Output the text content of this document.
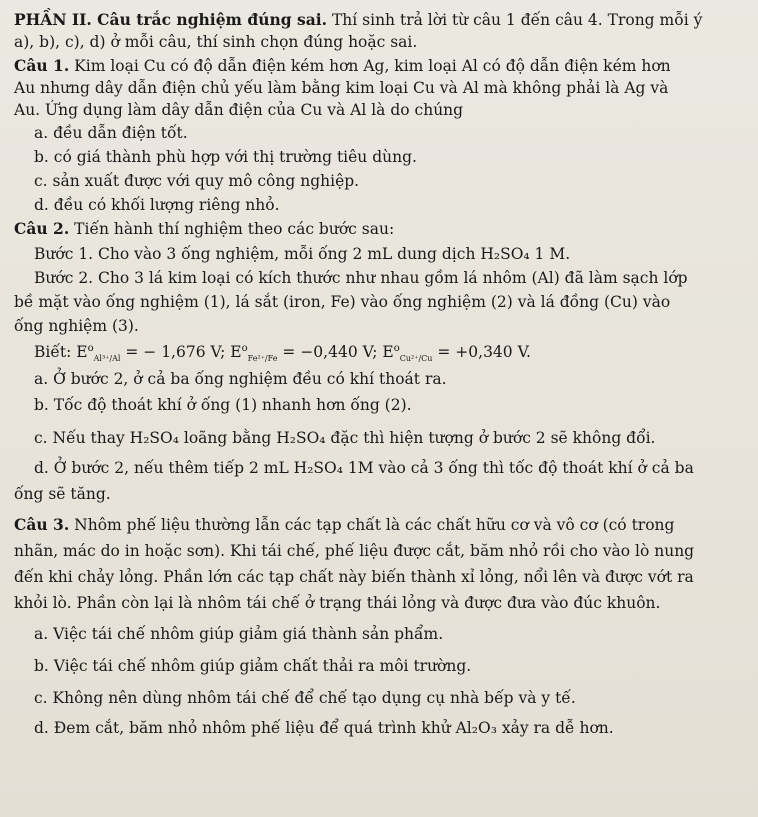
PHẦN II. Câu trắc nghiệm đúng sai. Thí sinh trả lời từ câu 1 đến câu 4. Trong mỗi ý
a), b), c), d) ở mỗi câu, thí sinh chọn đúng hoặc sai.
Câu 1. Kim loại Cu có độ dẫn điện kém hơn Ag, kim loại Al có độ dẫn điện kém hơn
Au nhưng dây dẫn điện chủ yếu làm bằng kim loại Cu và Al mà không phải là Ag và
Au. Ứng dụng làm dây dẫn điện của Cu và Al là do chúng
a. đều dẫn điện tốt.
b. có giá thành phù hợp với thị trường tiêu dùng.
c. sản xuất được với quy mô công nghiệp.
d. đều có khối lượng riêng nhỏ.
Câu 2. Tiến hành thí nghiệm theo các bước sau:
Bước 1. Cho vào 3 ống nghiệm, mỗi ống 2 mL dung dịch H₂SO₄ 1 M.
Bước 2. Cho 3 lá kim loại có kích thước như nhau gồm lá nhôm (Al) đã làm sạch lớp
bề mặt vào ống nghiệm (1), lá sắt (iron, Fe) vào ống nghiệm (2) và lá đồng (Cu) vào
ống nghiệm (3).
Biết: $E^o_{Al^{3+}/Al}$ = − 1,676 V; $E^o_{Fe^{2+}/Fe} = -0,440$ V; $E^o_{Cu^{2+}/Cu} = +0,340$ V.
a. Ở bước 2, ở cả ba ống nghiệm đều có khí thoát ra.
b. Tốc độ thoát khí ở ống (1) nhanh hơn ống (2).
c. Nếu thay H₂SO₄ loãng bằng H₂SO₄ đặc thì hiện tượng ở bước 2 sẽ không đổi.
d. Ở bước 2, nếu thêm tiếp 2 mL H₂SO₄ 1M vào cả 3 ống thì tốc độ thoát khí ở cả ba
ống sẽ tăng.
Câu 3. Nhôm phế liệu thường lẫn các tạp chất là các chất hữu cơ và vô cơ (có trong
nhãn, mác do in hoặc sơn). Khi tái chế, phế liệu được cắt, băm nhỏ rồi cho vào lò nung
đến khi chảy lỏng. Phần lớn các tạp chất này biến thành xỉ lỏng, nổi lên và được vớt ra
khỏi lò. Phần còn lại là nhôm tái chế ở trạng thái lỏng và được đưa vào đúc khuôn.
a. Việc tái chế nhôm giúp giảm giá thành sản phẩm.
b. Việc tái chế nhôm giúp giảm chất thải ra môi trường.
c. Không nên dùng nhôm tái chế để chế tạo dụng cụ nhà bếp và y tế.
d. Đem cắt, băm nhỏ nhôm phế liệu để quá trình khử Al₂O₃ xảy ra dễ hơn.
